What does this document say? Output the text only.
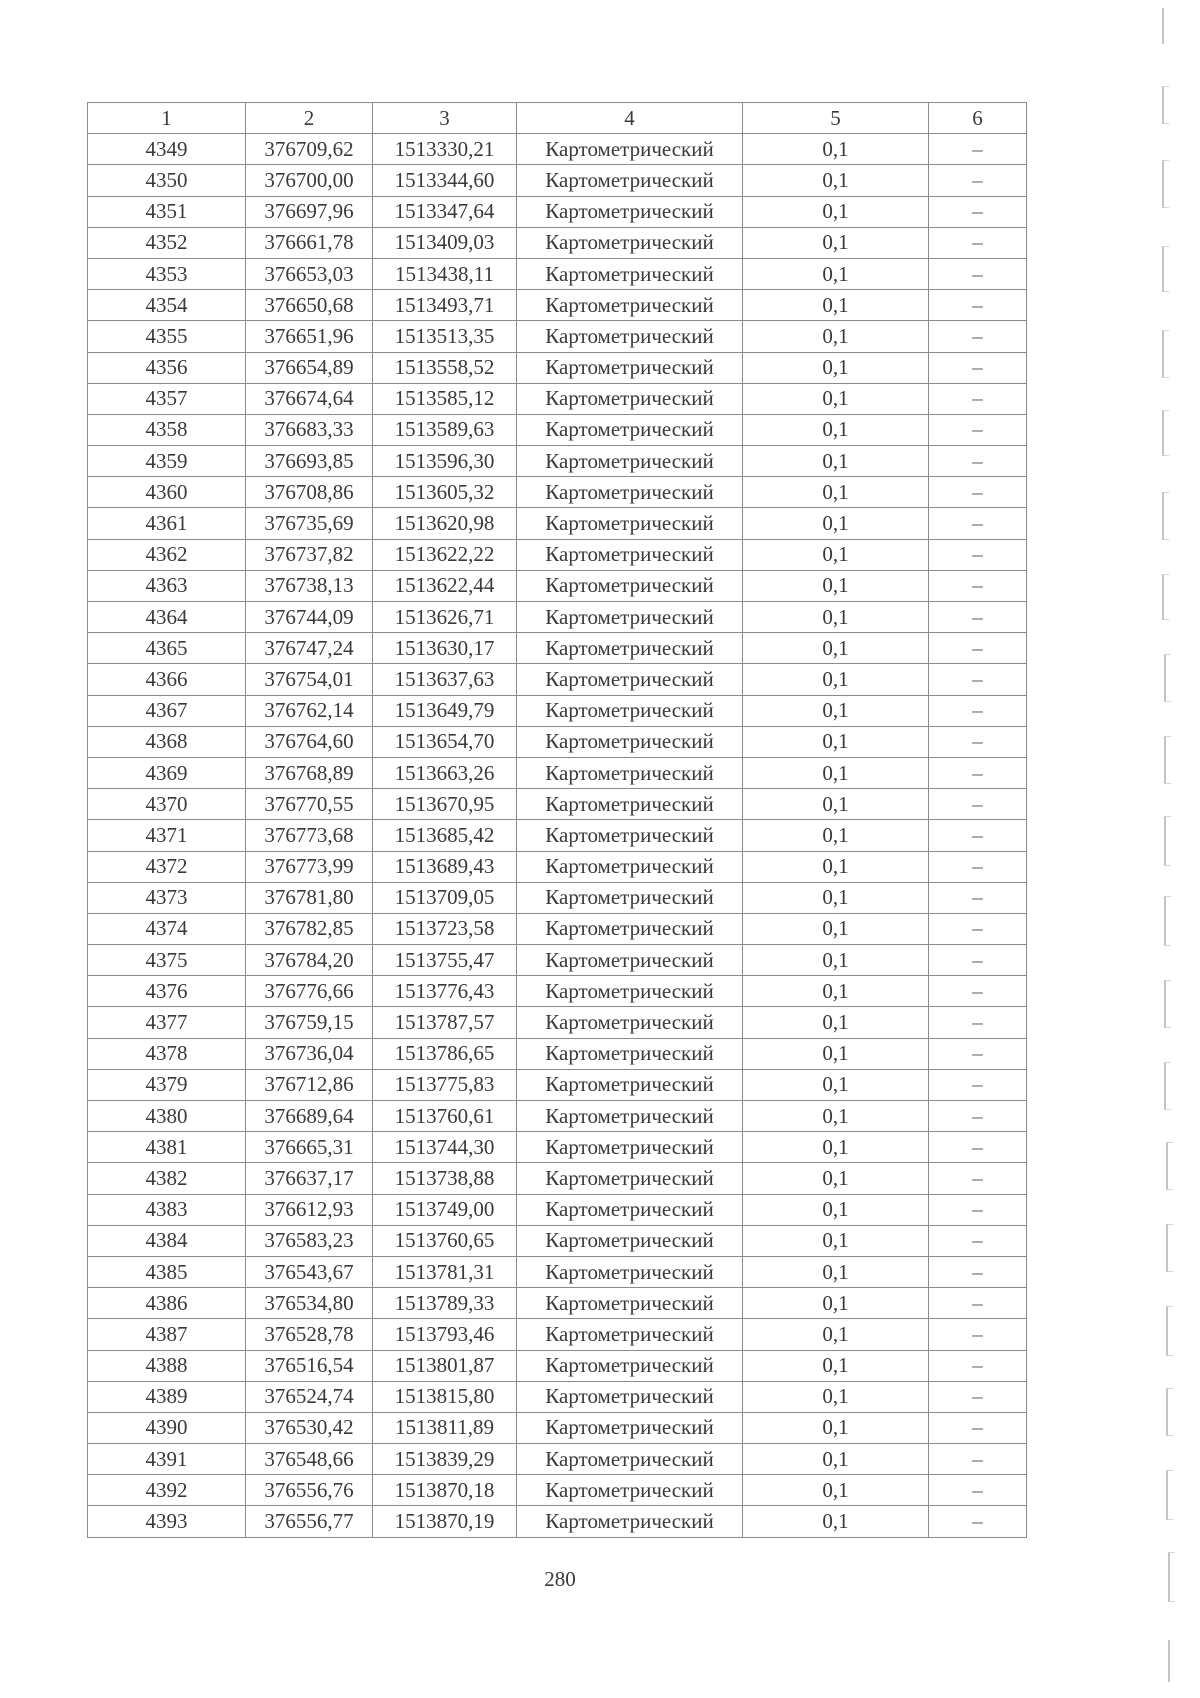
1	2	3	4	5	6
4349	376709,62	1513330,21	Картометрический	0,1	–
4350	376700,00	1513344,60	Картометрический	0,1	–
4351	376697,96	1513347,64	Картометрический	0,1	–
4352	376661,78	1513409,03	Картометрический	0,1	–
4353	376653,03	1513438,11	Картометрический	0,1	–
4354	376650,68	1513493,71	Картометрический	0,1	–
4355	376651,96	1513513,35	Картометрический	0,1	–
4356	376654,89	1513558,52	Картометрический	0,1	–
4357	376674,64	1513585,12	Картометрический	0,1	–
4358	376683,33	1513589,63	Картометрический	0,1	–
4359	376693,85	1513596,30	Картометрический	0,1	–
4360	376708,86	1513605,32	Картометрический	0,1	–
4361	376735,69	1513620,98	Картометрический	0,1	–
4362	376737,82	1513622,22	Картометрический	0,1	–
4363	376738,13	1513622,44	Картометрический	0,1	–
4364	376744,09	1513626,71	Картометрический	0,1	–
4365	376747,24	1513630,17	Картометрический	0,1	–
4366	376754,01	1513637,63	Картометрический	0,1	–
4367	376762,14	1513649,79	Картометрический	0,1	–
4368	376764,60	1513654,70	Картометрический	0,1	–
4369	376768,89	1513663,26	Картометрический	0,1	–
4370	376770,55	1513670,95	Картометрический	0,1	–
4371	376773,68	1513685,42	Картометрический	0,1	–
4372	376773,99	1513689,43	Картометрический	0,1	–
4373	376781,80	1513709,05	Картометрический	0,1	–
4374	376782,85	1513723,58	Картометрический	0,1	–
4375	376784,20	1513755,47	Картометрический	0,1	–
4376	376776,66	1513776,43	Картометрический	0,1	–
4377	376759,15	1513787,57	Картометрический	0,1	–
4378	376736,04	1513786,65	Картометрический	0,1	–
4379	376712,86	1513775,83	Картометрический	0,1	–
4380	376689,64	1513760,61	Картометрический	0,1	–
4381	376665,31	1513744,30	Картометрический	0,1	–
4382	376637,17	1513738,88	Картометрический	0,1	–
4383	376612,93	1513749,00	Картометрический	0,1	–
4384	376583,23	1513760,65	Картометрический	0,1	–
4385	376543,67	1513781,31	Картометрический	0,1	–
4386	376534,80	1513789,33	Картометрический	0,1	–
4387	376528,78	1513793,46	Картометрический	0,1	–
4388	376516,54	1513801,87	Картометрический	0,1	–
4389	376524,74	1513815,80	Картометрический	0,1	–
4390	376530,42	1513811,89	Картометрический	0,1	–
4391	376548,66	1513839,29	Картометрический	0,1	–
4392	376556,76	1513870,18	Картометрический	0,1	–
4393	376556,77	1513870,19	Картометрический	0,1	–
280
